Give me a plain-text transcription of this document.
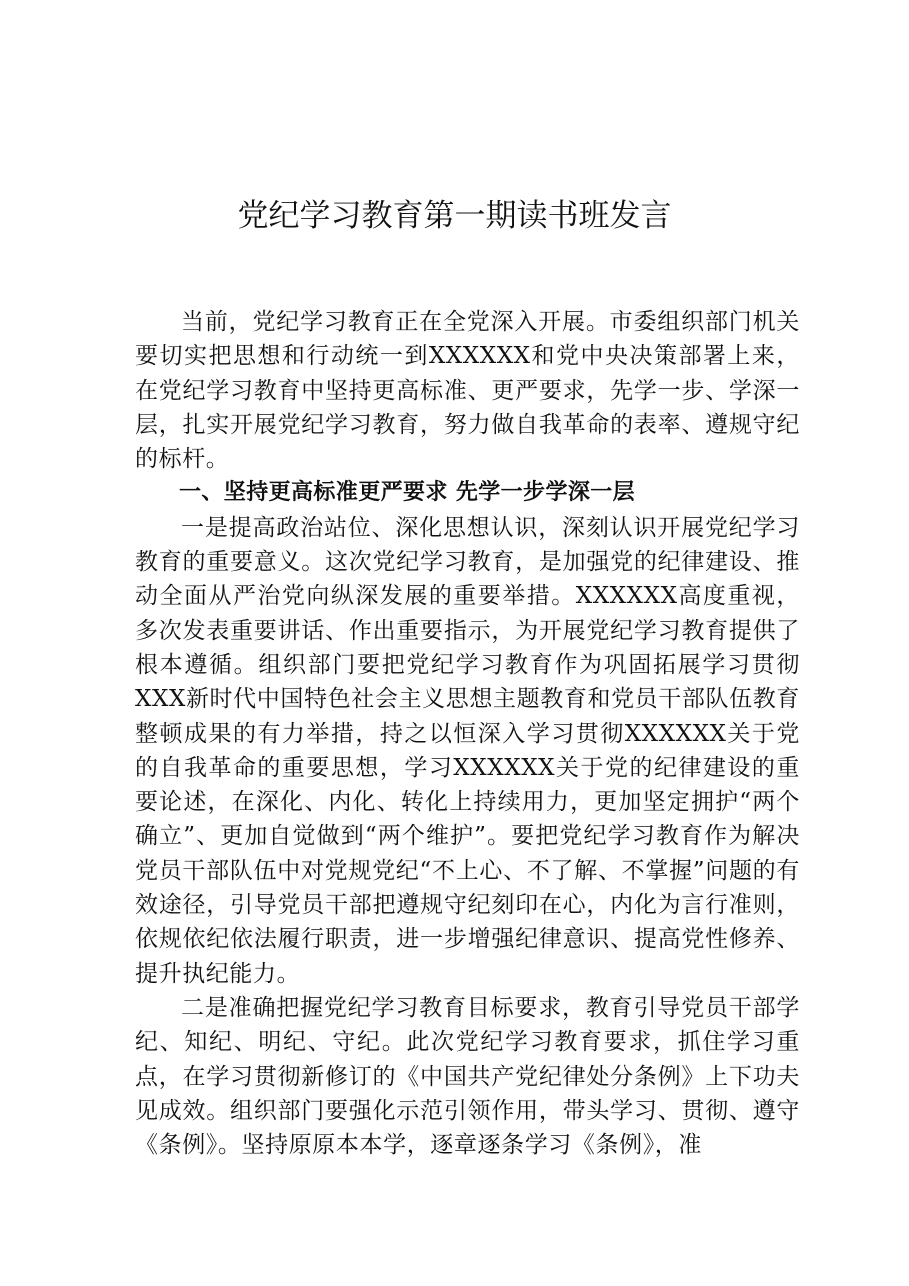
党纪学习教育第一期读书班发言

当前，党纪学习教育正在全党深入开展。市委组织部门机关要切实把思想和行动统一到XXXXXX和党中央决策部署上来，在党纪学习教育中坚持更高标准、更严要求，先学一步、学深一层，扎实开展党纪学习教育，努力做自我革命的表率、遵规守纪的标杆。

一、坚持更高标准更严要求 先学一步学深一层

一是提高政治站位、深化思想认识，深刻认识开展党纪学习教育的重要意义。这次党纪学习教育，是加强党的纪律建设、推动全面从严治党向纵深发展的重要举措。XXXXXX高度重视，多次发表重要讲话、作出重要指示，为开展党纪学习教育提供了根本遵循。组织部门要把党纪学习教育作为巩固拓展学习贯彻XXX新时代中国特色社会主义思想主题教育和党员干部队伍教育整顿成果的有力举措，持之以恒深入学习贯彻XXXXXX关于党的自我革命的重要思想，学习XXXXXX关于党的纪律建设的重要论述，在深化、内化、转化上持续用力，更加坚定拥护“两个确立”、更加自觉做到“两个维护”。要把党纪学习教育作为解决党员干部队伍中对党规党纪“不上心、不了解、不掌握”问题的有效途径，引导党员干部把遵规守纪刻印在心，内化为言行准则，依规依纪依法履行职责，进一步增强纪律意识、提高党性修养、提升执纪能力。

二是准确把握党纪学习教育目标要求，教育引导党员干部学纪、知纪、明纪、守纪。此次党纪学习教育要求，抓住学习重点，在学习贯彻新修订的《中国共产党纪律处分条例》上下功夫见成效。组织部门要强化示范引领作用，带头学习、贯彻、遵守《条例》。坚持原原本本学，逐章逐条学习《条例》，准
